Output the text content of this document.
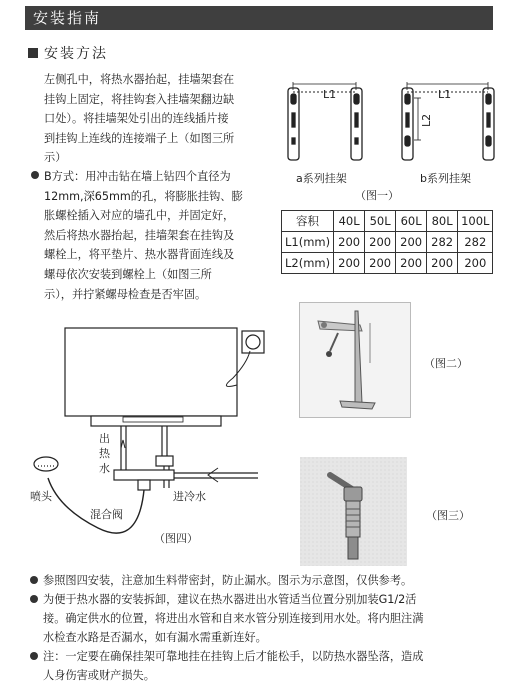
安装指南
安装方法
左侧孔中，将热水器抬起，挂墙架套在
挂钩上固定，将挂钩套入挂墙架翻边缺
口处）。将挂墙架处引出的连线插片接
到挂钩上连线的连接端子上（如图三所
示）
B方式：用冲击钻在墙上钻四个直径为
12mm,深65mm的孔，将膨胀挂钩、膨
胀螺栓插入对应的墙孔中，并固定好，
然后将热水器抬起，挂墙架套在挂钩及
螺栓上，将平垫片、热水器背面连线及
螺母依次安装到螺栓上（如图三所
示），并拧紧螺母检查是否牢固。
L1	L1
L2
a系列挂架	b系列挂架
（图一）
容积	40L	50L	60L	80L	100L
L1(mm)	200	200	200	282	282
L2(mm)	200	200	200	200	200
（图二）
（图三）
出
热
水
进冷水
喷头
混合阀
（图四）
参照图四安装，注意加生料带密封，防止漏水。图示为示意图，仅供参考。
为便于热水器的安装拆卸，建议在热水器进出水管适当位置分别加装G1/2活
接。确定供水的位置，将进出水管和自来水管分别连接到用水处。将内胆注满
水检查水路是否漏水，如有漏水需重新连好。
注：一定要在确保挂架可靠地挂在挂钩上后才能松手，以防热水器坠落，造成
人身伤害或财产损失。
